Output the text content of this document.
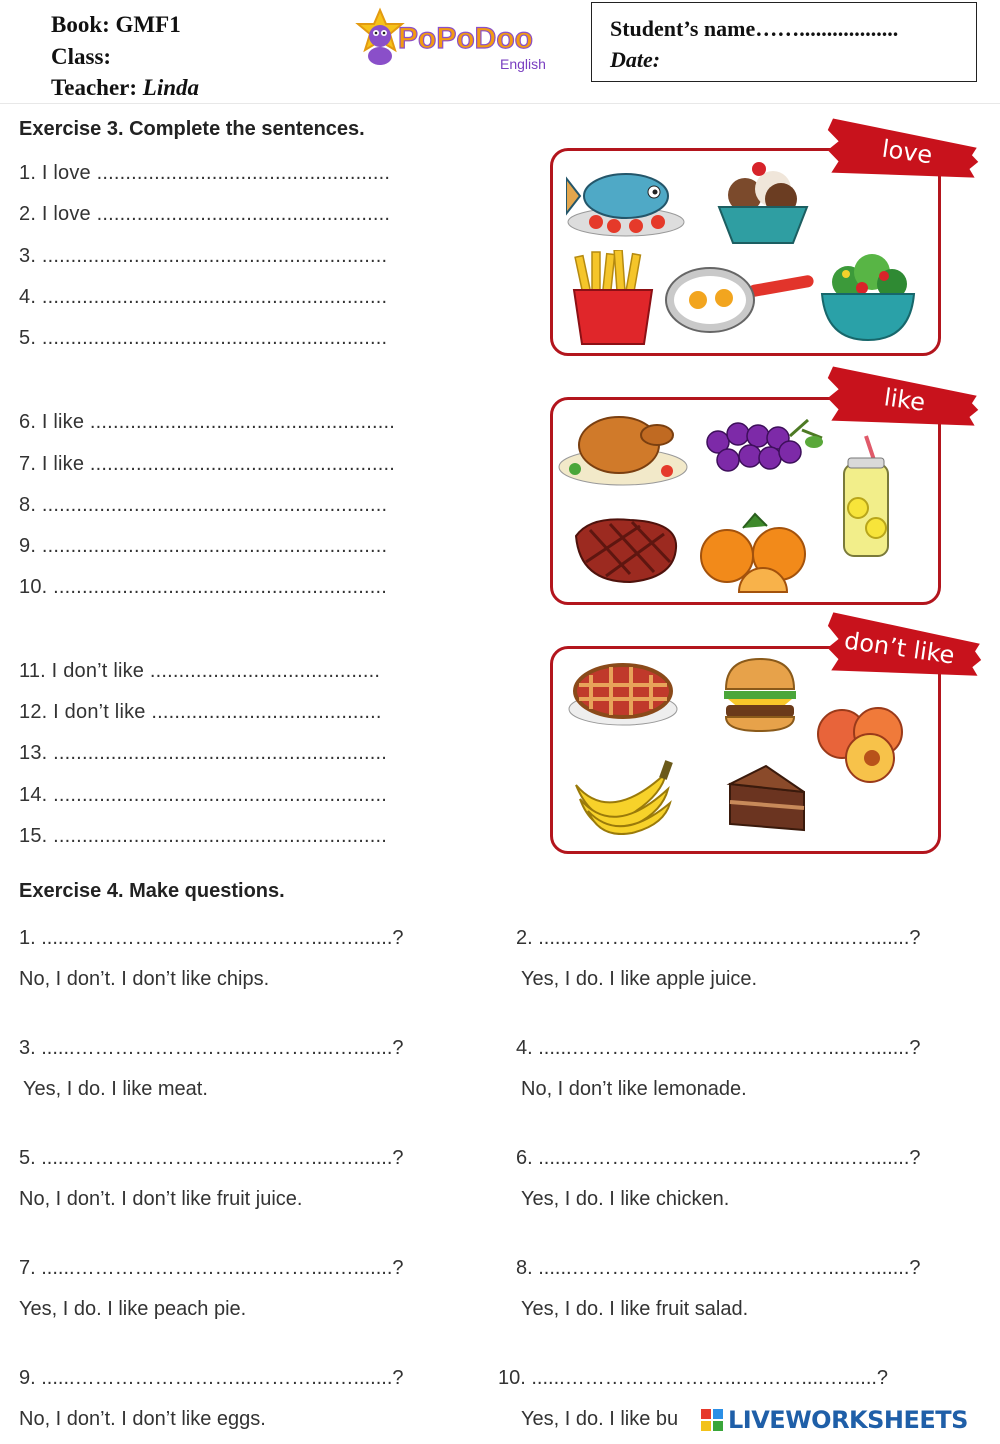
Book: GMF1
Class:
Teacher: Linda
PoPoDoo
English
Student’s name……..................
Date:
Exercise 3. Complete the sentences.
1. I love ...................................................
2. I love ...................................................
3. ............................................................
4. ............................................................
5. ............................................................
6. I like .....................................................
7. I like .....................................................
8. ............................................................
9. ............................................................
10. ..........................................................
11. I don’t like ........................................
12. I don’t like ........................................
13. ..........................................................
14. ..........................................................
15. ..........................................................
love
like
don’t like
Exercise 4. Make questions.
1. ......……………………...………....….......?
No, I don’t. I don’t like chips.
2. ......………………………...………....….......?
Yes, I do. I like apple juice.
3. ......……………………...………....….......?
Yes, I do. I like meat.
4. ......………………………...………....….......?
No, I don’t like lemonade.
5. ......……………………...………....….......?
No, I don’t. I don’t like fruit juice.
6. ......………………………...………....….......?
Yes, I do. I like chicken.
7. ......……………………...………....….......?
Yes, I do. I like peach pie.
8. ......………………………...………....….......?
Yes, I do. I like fruit salad.
9. ......……………………...………....….......?
No, I don’t. I don’t like eggs.
10. ......……………………...………....…......?
Yes, I do. I like bu LIVEWORKSHEETS
